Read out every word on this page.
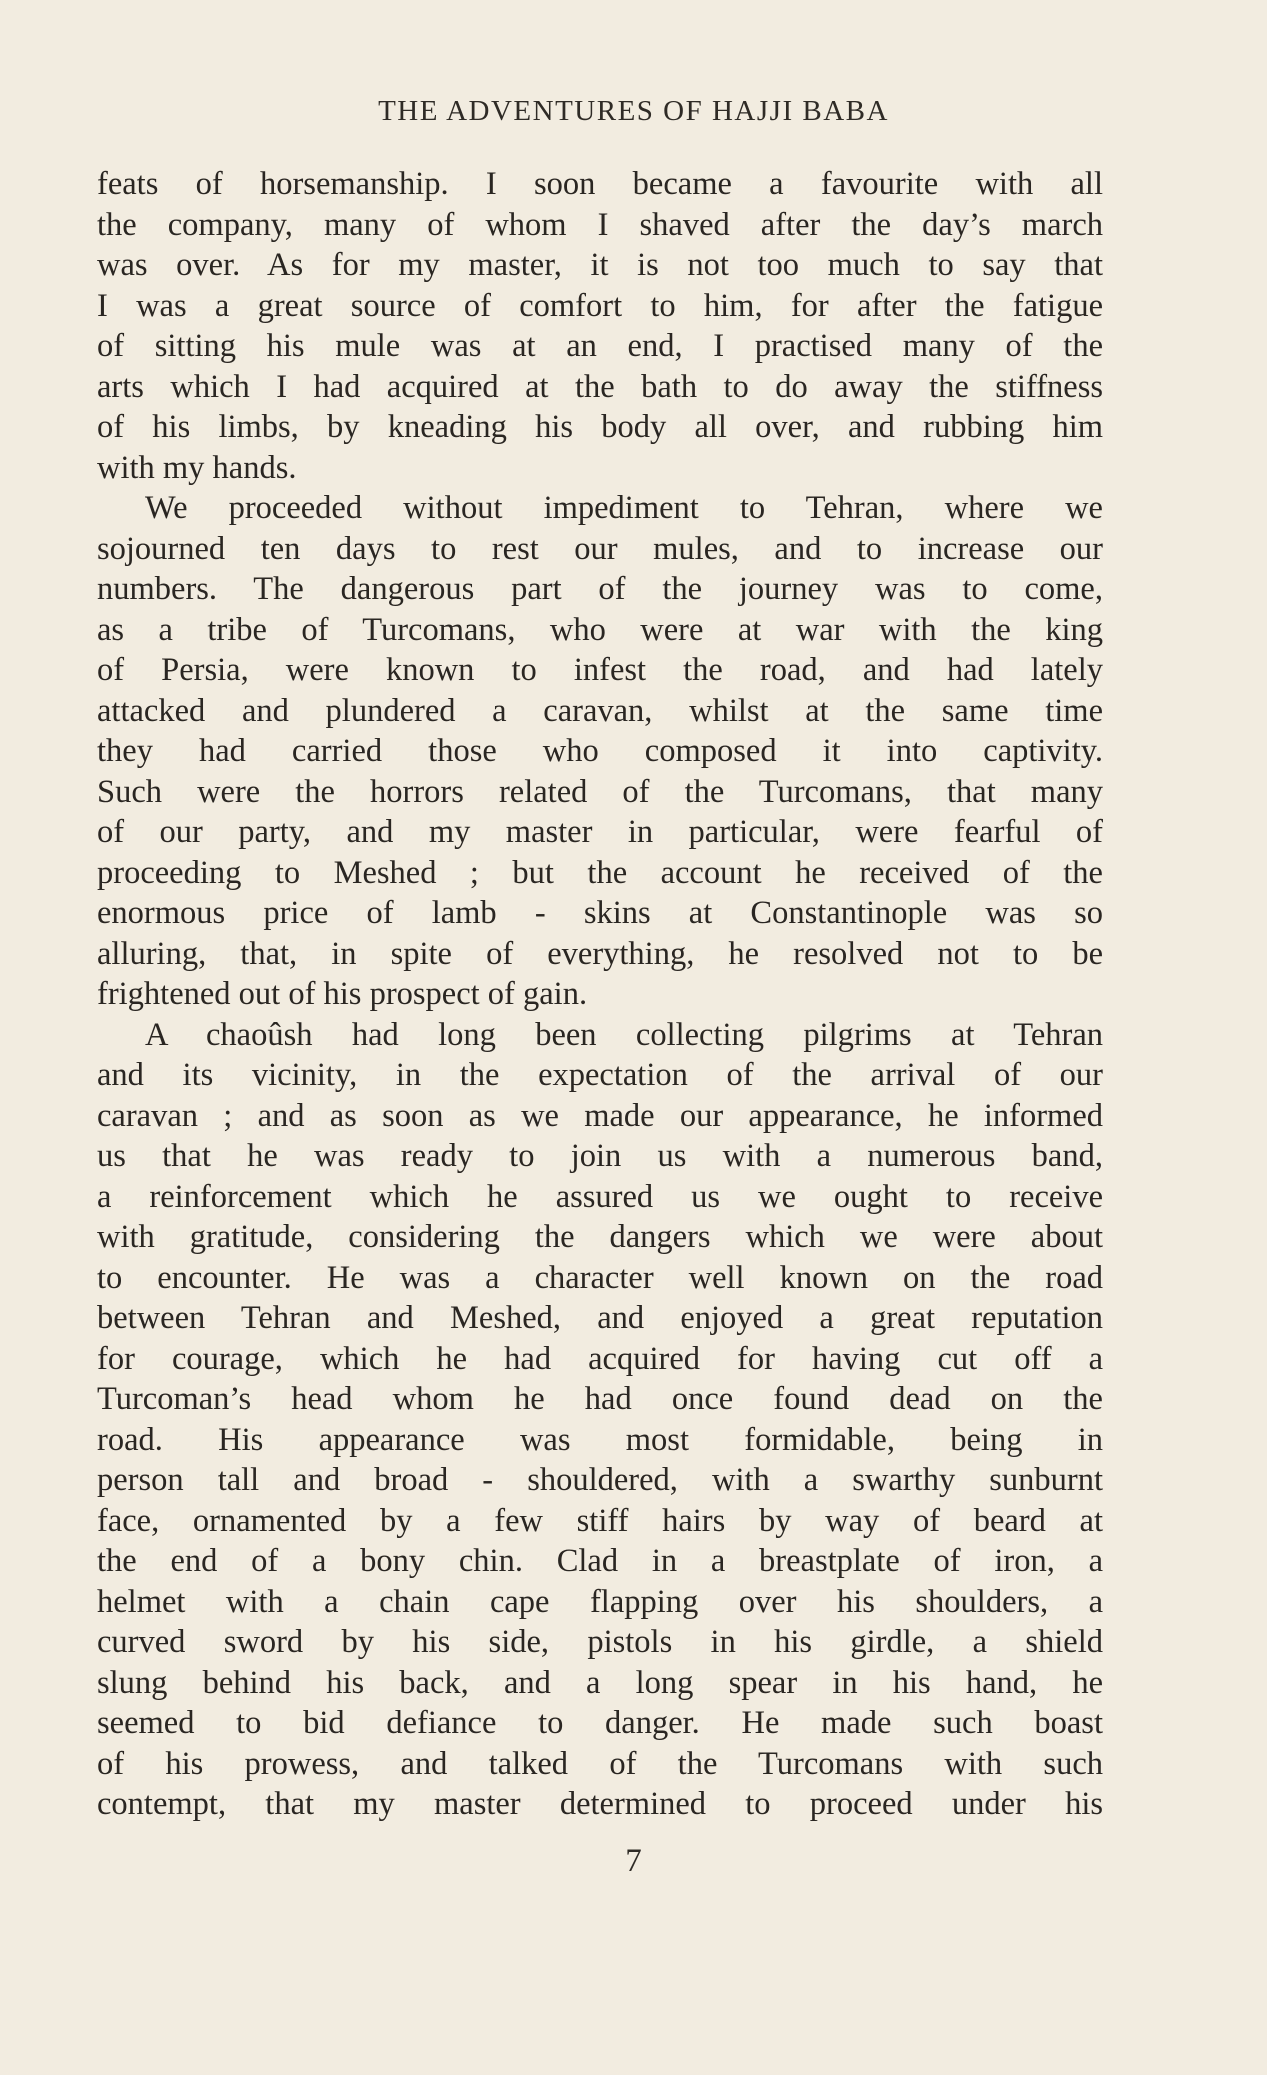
THE ADVENTURES OF HAJJI BABA
feats of horsemanship. I soon became a favourite with all
the company, many of whom I shaved after the day’s march
was over. As for my master, it is not too much to say that
I was a great source of comfort to him, for after the fatigue
of sitting his mule was at an end, I practised many of the
arts which I had acquired at the bath to do away the stiffness
of his limbs, by kneading his body all over, and rubbing him
with my hands.
We proceeded without impediment to Tehran, where we
sojourned ten days to rest our mules, and to increase our
numbers. The dangerous part of the journey was to come,
as a tribe of Turcomans, who were at war with the king
of Persia, were known to infest the road, and had lately
attacked and plundered a caravan, whilst at the same time
they had carried those who composed it into captivity.
Such were the horrors related of the Turcomans, that many
of our party, and my master in particular, were fearful of
proceeding to Meshed ; but the account he received of the
enormous price of lamb - skins at Constantinople was so
alluring, that, in spite of everything, he resolved not to be
frightened out of his prospect of gain.
A chaoûsh had long been collecting pilgrims at Tehran
and its vicinity, in the expectation of the arrival of our
caravan ; and as soon as we made our appearance, he informed
us that he was ready to join us with a numerous band,
a reinforcement which he assured us we ought to receive
with gratitude, considering the dangers which we were about
to encounter. He was a character well known on the road
between Tehran and Meshed, and enjoyed a great reputation
for courage, which he had acquired for having cut off a
Turcoman’s head whom he had once found dead on the
road. His appearance was most formidable, being in
person tall and broad - shouldered, with a swarthy sunburnt
face, ornamented by a few stiff hairs by way of beard at
the end of a bony chin. Clad in a breastplate of iron, a
helmet with a chain cape flapping over his shoulders, a
curved sword by his side, pistols in his girdle, a shield
slung behind his back, and a long spear in his hand, he
seemed to bid defiance to danger. He made such boast
of his prowess, and talked of the Turcomans with such
contempt, that my master determined to proceed under his
7
